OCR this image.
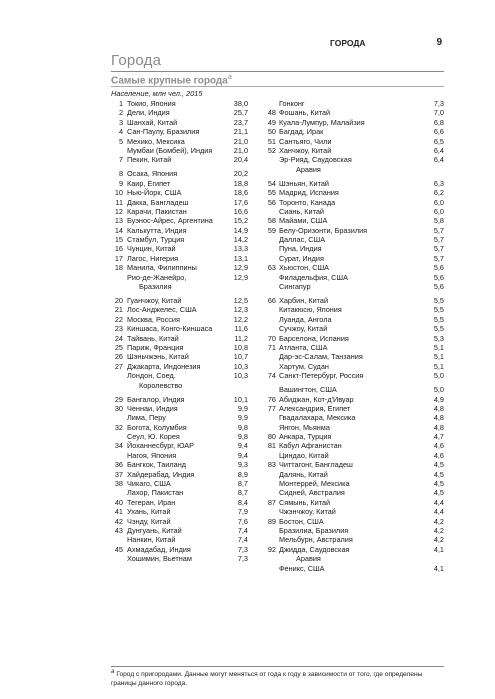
ГОРОДА	9
Города
Самые крупные города$^a$
Население, млн чел., 2015
1 Токио, Япония	38,0
2 Дели, Индия	25,7
3 Шанхай, Китай	23,7
4 Сан-Паулу, Бразилия	21,1
5 Мехико, Мексика	21,0
Мумбаи (Бомбей), Индия	21,0
7 Пекин, Китай	20,4
8 Осака, Япония	20,2
9 Каир, Египет	18,8
10 Нью-Йорк, США	18,6
11 Дакка, Бангладеш	17,6
12 Карачи, Пакистан	16,6
13 Буэнос-Айрес, Аргентина	15,2
14 Калькутта, Индия	14,9
15 Стамбул, Турция	14,2
16 Чунцин, Китай	13,3
17 Лагос, Нигерия	13,1
18 Манила, Филиппины	12,9
Рио-де-Жанейро,	12,9
Бразилия
20 Гуанчжоу, Китай	12,5
21 Лос-Анджелес, США	12,3
22 Москва, Россия	12,2
23 Киншаса, Конго-Киншаса	11,6
24 Тайвань, Китай	11,2
25 Париж, Франция	10,8
26 Шэньчжэнь, Китай	10,7
27 Джакарта, Индонезия	10,3
Лондон, Соед.	10,3
Королевство
29 Бангалор, Индия	10,1
30 Ченнаи, Индия	9,9
Лима, Перу	9,9
32 Богота, Колумбия	9,8
Сеул, Ю. Корея	9,8
34 Йоханнесбург, ЮАР	9,4
Нагоя, Япония	9,4
36 Бангкок, Таиланд	9,3
37 Хайдерабад, Индия	8,9
38 Чикаго, США	8,7
Лахор, Пакистан	8,7
40 Тегеран, Иран	8,4
41 Ухань, Китай	7,9
42 Чэнду, Китай	7,6
43 Дунгуань, Китай	7,4
Нанкин, Китай	7,4
45 Ахмадабад, Индия	7,3
Хошимин, Вьетнам	7,3
Гонконг	7,3
48 Фошань, Китай	7,0
49 Куала-Лумпур, Малайзия	6,8
50 Багдад, Ирак	6,6
51 Сантьяго, Чили	6,5
52 Ханчжоу, Китай	6,4
Эр-Рияд, Саудовская	6,4
Аравия
54 Шэньян, Китай	6,3
55 Мадрид, Испания	6,2
56 Торонто, Канада	6,0
Сиань, Китай	6,0
58 Майами, США	5,8
59 Белу-Оризонти, Бразилия	5,7
Даллас, США	5,7
Пуна, Индия	5,7
Сурат, Индия	5,7
63 Хьюстон, США	5,6
Филадельфия, США	5,6
Сингапур	5,6
66 Харбин, Китай	5,5
Китакюсю, Япония	5,5
Луанда, Ангола	5,5
Сучжоу, Китай	5,5
70 Барселона, Испания	5,3
71 Атланта, США	5,1
Дар-эс-Салам, Танзания	5,1
Хартум, Судан	5,1
74 Санкт-Петербург, Россия	5,0
Вашингтон, США	5,0
76 Абиджан, Кот-д'Ивуар	4,9
77 Александрия, Египет	4,8
Гвадалахара, Мексика	4,8
Янгон, Мьянма	4,8
80 Анкара, Турция	4,7
81 Кабул Афганистан	4,6
Циндао, Китай	4,6
83 Читтагонг, Бангладеш	4,5
Далянь, Китай	4,5
Монтеррей, Мексика	4,5
Сидней, Австралия	4,5
87 Сямынь, Китай	4,4
Чжэнчжоу, Китай	4,4
89 Бостон, США	4,2
Бразилиа, Бразилия	4,2
Мельбурн, Австралия	4,2
92 Джидда, Саудовская	4,1
Аравия
Феникс, США	4,1
a Город с пригородами. Данные могут меняться от года к году в зависимости от того, где определены границы данного города.
